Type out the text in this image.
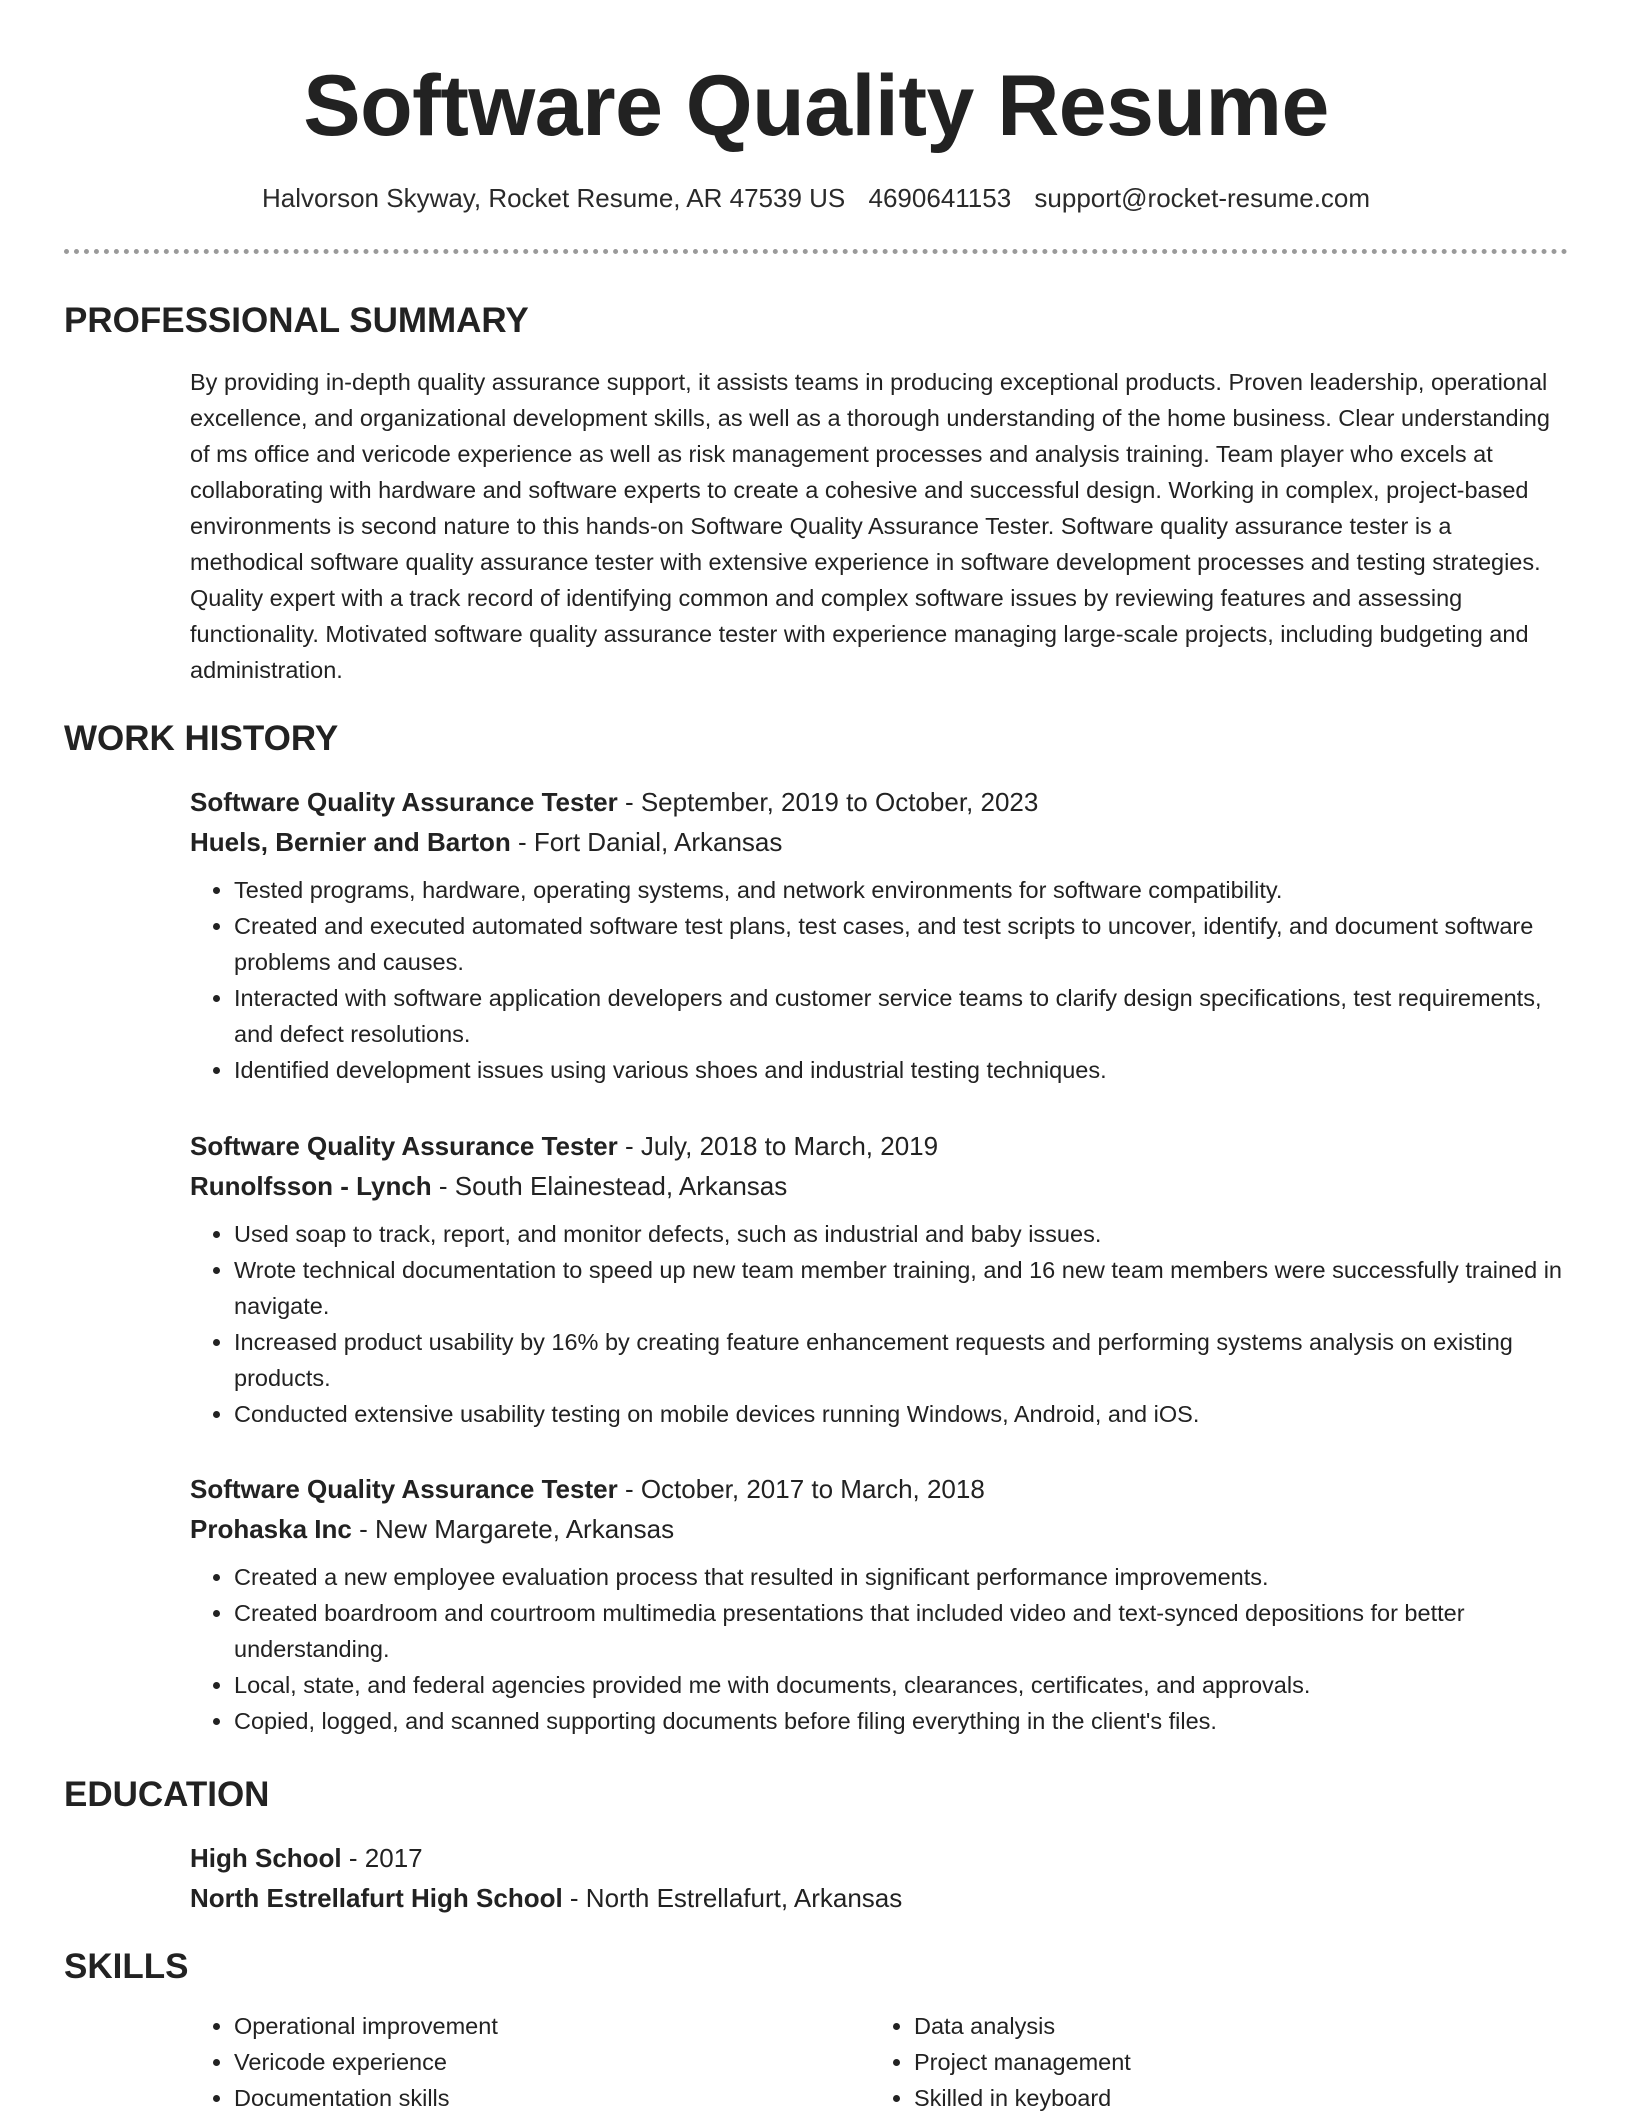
Software Quality Resume
Halvorson Skyway, Rocket Resume, AR 47539 US 4690641153 support@rocket-resume.com
PROFESSIONAL SUMMARY

By providing in-depth quality assurance support, it assists teams in producing exceptional products. Proven leadership, operational excellence, and organizational development skills, as well as a thorough understanding of the home business. Clear understanding of ms office and vericode experience as well as risk management processes and analysis training. Team player who excels at collaborating with hardware and software experts to create a cohesive and successful design. Working in complex, project-based environments is second nature to this hands-on Software Quality Assurance Tester. Software quality assurance tester is a methodical software quality assurance tester with extensive experience in software development processes and testing strategies. Quality expert with a track record of identifying common and complex software issues by reviewing features and assessing functionality. Motivated software quality assurance tester with experience managing large-scale projects, including budgeting and administration.

WORK HISTORY

Software Quality Assurance Tester - September, 2019 to October, 2023

Huels, Bernier and Barton - Fort Danial, Arkansas

• Tested programs, hardware, operating systems, and network environments for software compatibility.
• Created and executed automated software test plans, test cases, and test scripts to uncover, identify, and document software problems and causes.
• Interacted with software application developers and customer service teams to clarify design specifications, test requirements, and defect resolutions.
• Identified development issues using various shoes and industrial testing techniques.

Software Quality Assurance Tester - July, 2018 to March, 2019

Runolfsson - Lynch - South Elainestead, Arkansas

• Used soap to track, report, and monitor defects, such as industrial and baby issues.
• Wrote technical documentation to speed up new team member training, and 16 new team members were successfully trained in navigate.
• Increased product usability by 16% by creating feature enhancement requests and performing systems analysis on existing products.
• Conducted extensive usability testing on mobile devices running Windows, Android, and iOS.

Software Quality Assurance Tester - October, 2017 to March, 2018

Prohaska Inc - New Margarete, Arkansas

• Created a new employee evaluation process that resulted in significant performance improvements.
• Created boardroom and courtroom multimedia presentations that included video and text-synced depositions for better understanding.
• Local, state, and federal agencies provided me with documents, clearances, certificates, and approvals.
• Copied, logged, and scanned supporting documents before filing everything in the client's files.
EDUCATION

High School - 2017

North Estrellafurt High School - North Estrellafurt, Arkansas

SKILLS
• Operational improvement
• Vericode experience
• Documentation skills
• Data analysis
• Project management
• Skilled in keyboard
